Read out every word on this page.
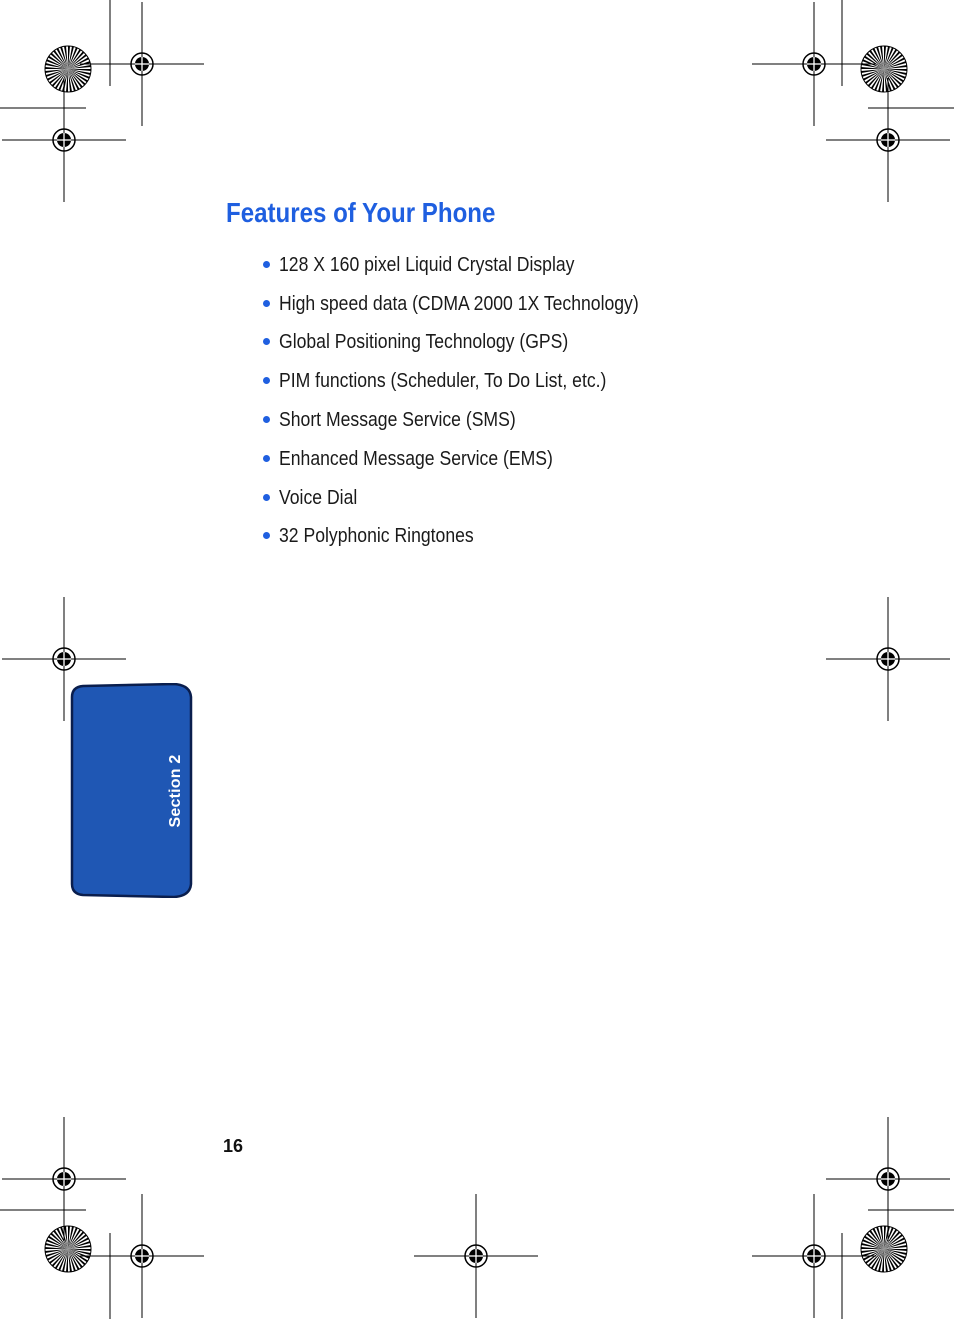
Features of Your Phone
128 X 160 pixel Liquid Crystal Display
High speed data (CDMA 2000 1X Technology)
Global Positioning Technology (GPS)
PIM functions (Scheduler, To Do List, etc.)
Short Message Service (SMS)
Enhanced Message Service (EMS)
Voice Dial
32 Polyphonic Ringtones
Section 2
16
